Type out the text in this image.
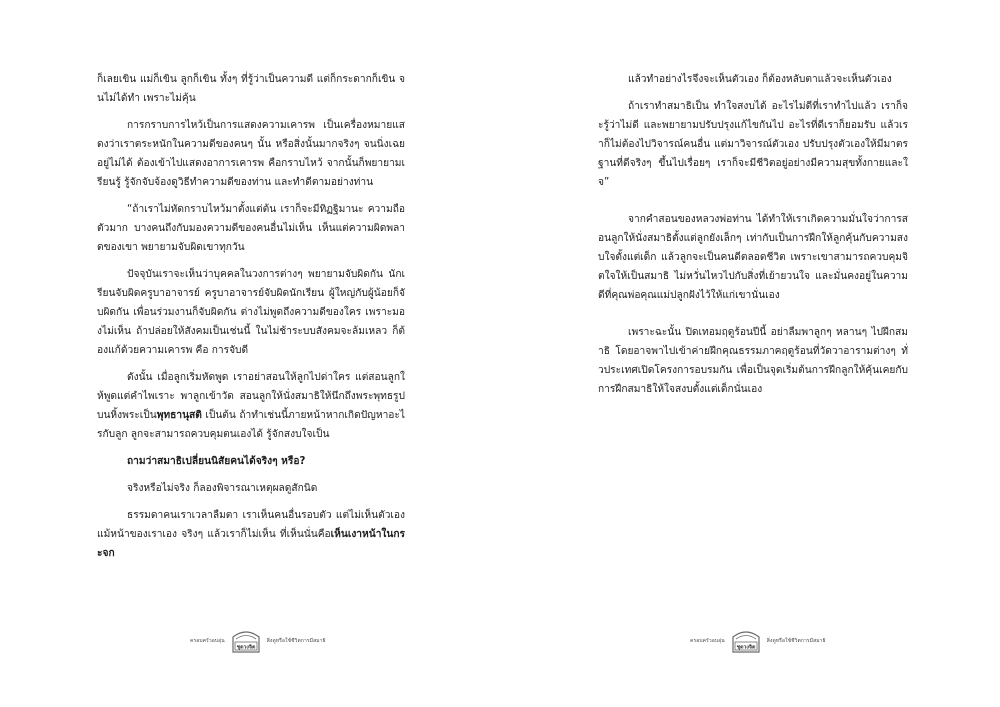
ก็เลยเขิน แม่ก็เขิน ลูกก็เขิน ทั้งๆ ที่รู้ว่าเป็นความดี แต่ก็กระดากก็เขิน จนไม่ได้ทำ เพราะไม่คุ้น

การกราบการไหว้เป็นการแสดงความเคารพ เป็นเครื่องหมายแสดงว่าเราตระหนักในความดีของคนๆ นั้น หรือสิ่งนั้นมากจริงๆ จนนิ่งเฉยอยู่ไม่ได้ ต้องเข้าไปแสดงอาการเคารพ คือกราบไหว้ จากนั้นก็พยายามเรียนรู้ รู้จักจับจ้องดูวิธีทำความดีของท่าน และทำดีตามอย่างท่าน

“ถ้าเราไม่หัดกราบไหว้มาตั้งแต่ต้น เราก็จะมีทิฏฐิมานะ ความถือตัวมาก บางคนถึงกับมองความดีของคนอื่นไม่เห็น เห็นแต่ความผิดพลาดของเขา พยายามจับผิดเขาทุกวัน

ปัจจุบันเราจะเห็นว่าบุคคลในวงการต่างๆ พยายามจับผิดกัน นักเรียนจับผิดครูบาอาจารย์ ครูบาอาจารย์จับผิดนักเรียน ผู้ใหญ่กับผู้น้อยก็จับผิดกัน เพื่อนร่วมงานก็จับผิดกัน ต่างไม่พูดถึงความดีของใคร เพราะมองไม่เห็น ถ้าปล่อยให้สังคมเป็นเช่นนี้ ในไม่ช้าระบบสังคมจะล้มเหลว ก็ต้องแก้ด้วยความเคารพ คือ การจับดี

ดังนั้น เมื่อลูกเริ่มหัดพูด เราอย่าสอนให้ลูกไปด่าใคร แต่สอนลูกให้พูดแต่คำไพเราะ พาลูกเข้าวัด สอนลูกให้นั่งสมาธิให้นึกถึงพระพุทธรูปบนหิ้งพระเป็นพุทธานุสติ เป็นต้น ถ้าทำเช่นนี้ภายหน้าหากเกิดปัญหาอะไรกับลูก ลูกจะสามารถควบคุมตนเองได้ รู้จักสงบใจเป็น

ถามว่าสมาธิเปลี่ยนนิสัยคนได้จริงๆ หรือ?

จริงหรือไม่จริง ก็ลองพิจารณาเหตุผลดูสักนิด

ธรรมดาคนเราเวลาลืมตา เราเห็นคนอื่นรอบตัว แต่ไม่เห็นตัวเอง แม้หน้าของเราเอง จริงๆ แล้วเราก็ไม่เห็น ที่เห็นนั่นคือเห็นเงาหน้าในกระจก

ครอบครัวอบอุ่น
ชุดวงจิต
สิ่งดูหรือใช้ชีวิตการมีสมาธิ

แล้วทำอย่างไรจึงจะเห็นตัวเอง ก็ต้องหลับตาแล้วจะเห็นตัวเอง

ถ้าเราทำสมาธิเป็น ทำใจสงบได้ อะไรไม่ดีที่เราทำไปแล้ว เราก็จะรู้ว่าไม่ดี และพยายามปรับปรุงแก้ไขกันไป อะไรที่ดีเราก็ยอมรับ แล้วเราก็ไม่ต้องไปวิจารณ์คนอื่น แต่มาวิจารณ์ตัวเอง ปรับปรุงตัวเองให้มีมาตรฐานที่ดีจริงๆ ขึ้นไปเรื่อยๆ เราก็จะมีชีวิตอยู่อย่างมีความสุขทั้งกายและใจ”

จากคำสอนของหลวงพ่อท่าน ได้ทำให้เราเกิดความมั่นใจว่าการสอนลูกให้นั่งสมาธิตั้งแต่ลูกยังเล็กๆ เท่ากับเป็นการฝึกให้ลูกคุ้นกับความสงบใจตั้งแต่เด็ก แล้วลูกจะเป็นคนดีตลอดชีวิต เพราะเขาสามารถควบคุมจิตใจให้เป็นสมาธิ ไม่หวั่นไหวไปกับสิ่งที่เย้ายวนใจ และมั่นคงอยู่ในความดีที่คุณพ่อคุณแม่ปลูกฝังไว้ให้แก่เขานั่นเอง

เพราะฉะนั้น ปิดเทอมฤดูร้อนปีนี้ อย่าลืมพาลูกๆ หลานๆ ไปฝึกสมาธิ โดยอาจพาไปเข้าค่ายฝึกคุณธรรมภาคฤดูร้อนที่วัดวาอารามต่างๆ ทั่วประเทศเปิดโครงการอบรมกัน เพื่อเป็นจุดเริ่มต้นการฝึกลูกให้คุ้นเคยกับการฝึกสมาธิให้ใจสงบตั้งแต่เด็กนั่นเอง

ครอบครัวอบอุ่น
ชุดวงจิต
สิ่งดูหรือใช้ชีวิตการมีสมาธิ
